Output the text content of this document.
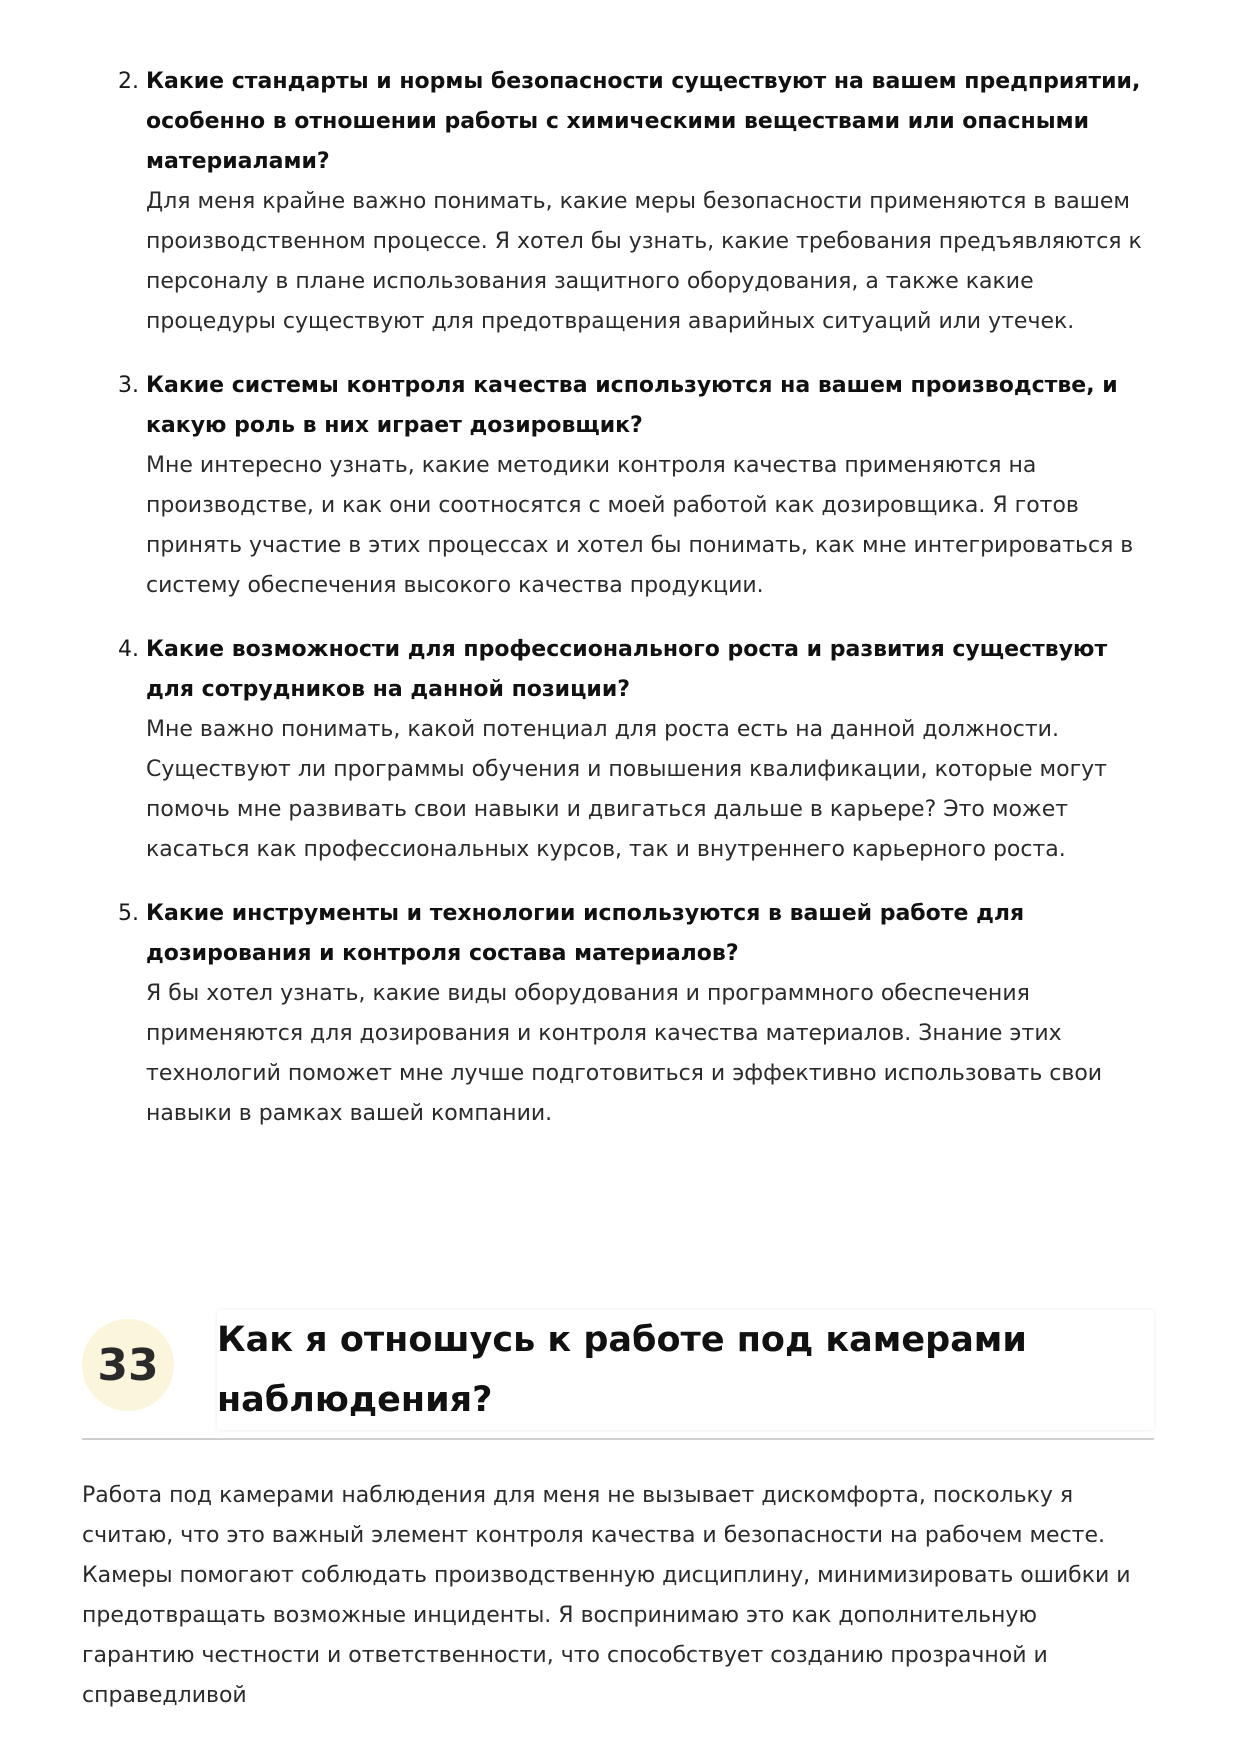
2. Какие стандарты и нормы безопасности существуют на вашем предприятии, особенно в отношении работы с химическими веществами или опасными материалами?

Для меня крайне важно понимать, какие меры безопасности применяются в вашем производственном процессе. Я хотел бы узнать, какие требования предъявляются к персоналу в плане использования защитного оборудования, а также какие процедуры существуют для предотвращения аварийных ситуаций или утечек.

3. Какие системы контроля качества используются на вашем производстве, и какую роль в них играет дозировщик?

Мне интересно узнать, какие методики контроля качества применяются на производстве, и как они соотносятся с моей работой как дозировщика. Я готов принять участие в этих процессах и хотел бы понимать, как мне интегрироваться в систему обеспечения высокого качества продукции.

4. Какие возможности для профессионального роста и развития существуют для сотрудников на данной позиции?

Мне важно понимать, какой потенциал для роста есть на данной должности. Существуют ли программы обучения и повышения квалификации, которые могут помочь мне развивать свои навыки и двигаться дальше в карьере? Это может касаться как профессиональных курсов, так и внутреннего карьерного роста.

5. Какие инструменты и технологии используются в вашей работе для дозирования и контроля состава материалов?

Я бы хотел узнать, какие виды оборудования и программного обеспечения применяются для дозирования и контроля качества материалов. Знание этих технологий поможет мне лучше подготовиться и эффективно использовать свои навыки в рамках вашей компании.

33	Как я отношусь к работе под камерами наблюдения?

Работа под камерами наблюдения для меня не вызывает дискомфорта, поскольку я считаю, что это важный элемент контроля качества и безопасности на рабочем месте. Камеры помогают соблюдать производственную дисциплину, минимизировать ошибки и предотвращать возможные инциденты. Я воспринимаю это как дополнительную гарантию честности и ответственности, что способствует созданию прозрачной и справедливой
